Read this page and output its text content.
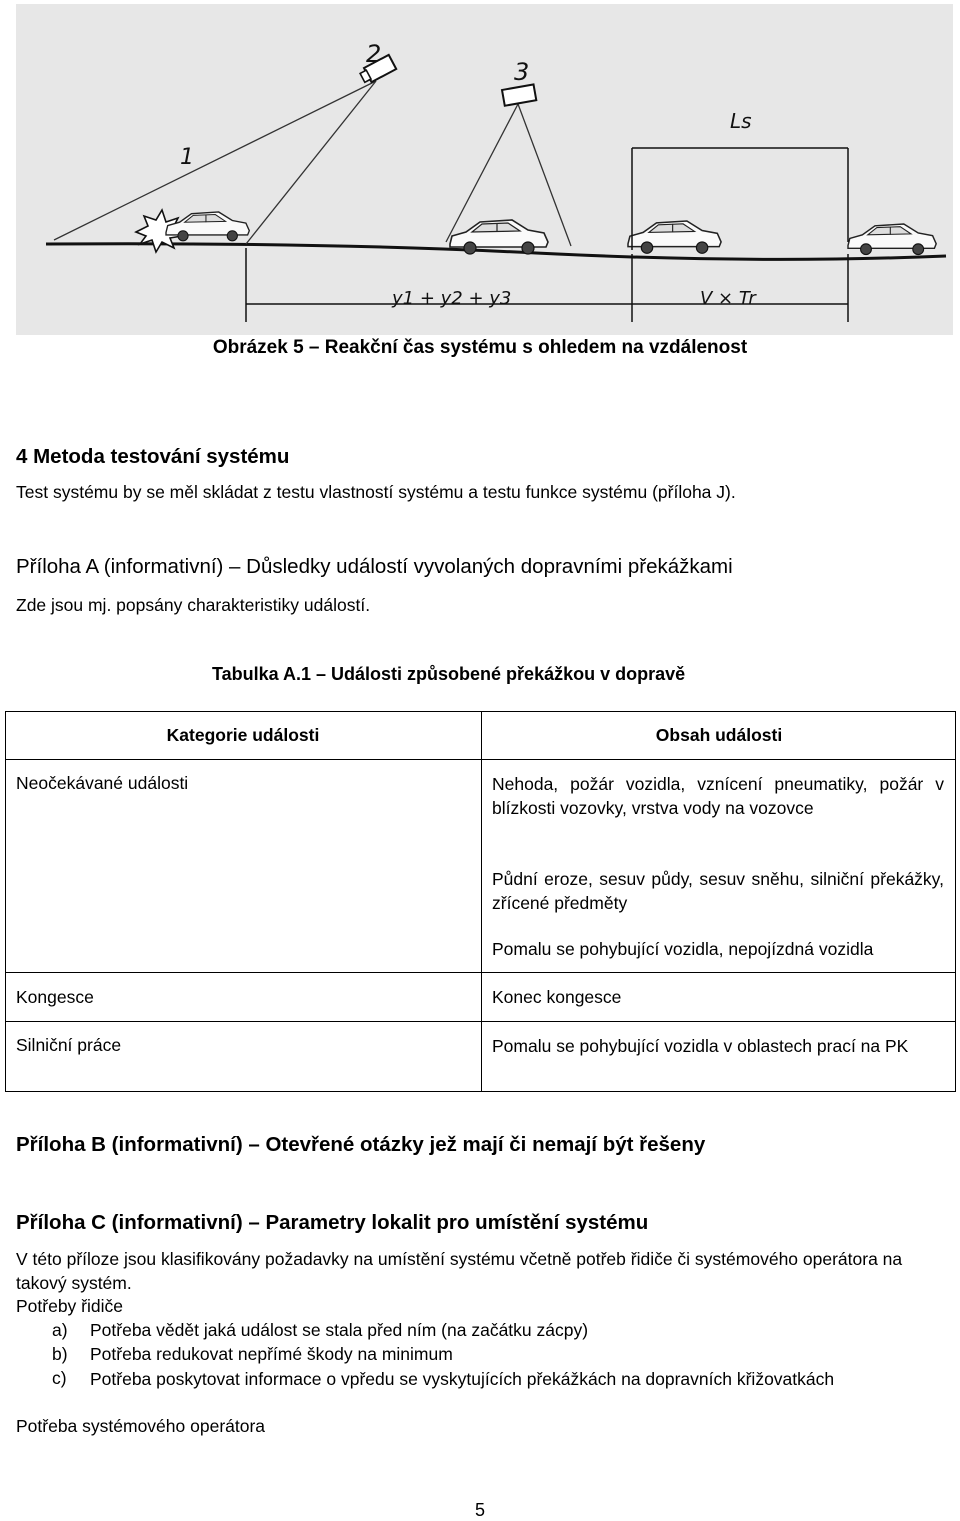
1
2
3
Ls
y1 + y2 + y3	V × Tr
Obrázek 5 – Reakční čas systému s ohledem na vzdálenost
4 Metoda testování systému
Test systému by se měl skládat z testu vlastností systému a testu funkce systému (příloha J).
Příloha A (informativní) – Důsledky událostí vyvolaných dopravními překážkami
Zde jsou mj. popsány charakteristiky událostí.
Tabulka A.1 – Události způsobené překážkou v dopravě
Kategorie události	Obsah události
Neočekávané události	Nehoda, požár vozidla, vznícení pneumatiky, požár v blízkosti vozovky, vrstva vody na vozovce
Půdní eroze, sesuv půdy, sesuv sněhu, silniční překážky, zřícené předměty
Pomalu se pohybující vozidla, nepojízdná vozidla
Kongesce	Konec kongesce
Silniční práce	Pomalu se pohybující vozidla v oblastech prací na PK
Příloha B (informativní) – Otevřené otázky jež mají či nemají být řešeny
Příloha C (informativní) – Parametry lokalit pro umístění systému
V této příloze jsou klasifikovány požadavky na umístění systému včetně potřeb řidiče či systémového operátora na takový systém.
Potřeby řidiče
a) Potřeba vědět jaká událost se stala před ním (na začátku zácpy)
b) Potřeba redukovat nepřímé škody na minimum
c) Potřeba poskytovat informace o vpředu se vyskytujících překážkách na dopravních křižovatkách
Potřeba systémového operátora
5
